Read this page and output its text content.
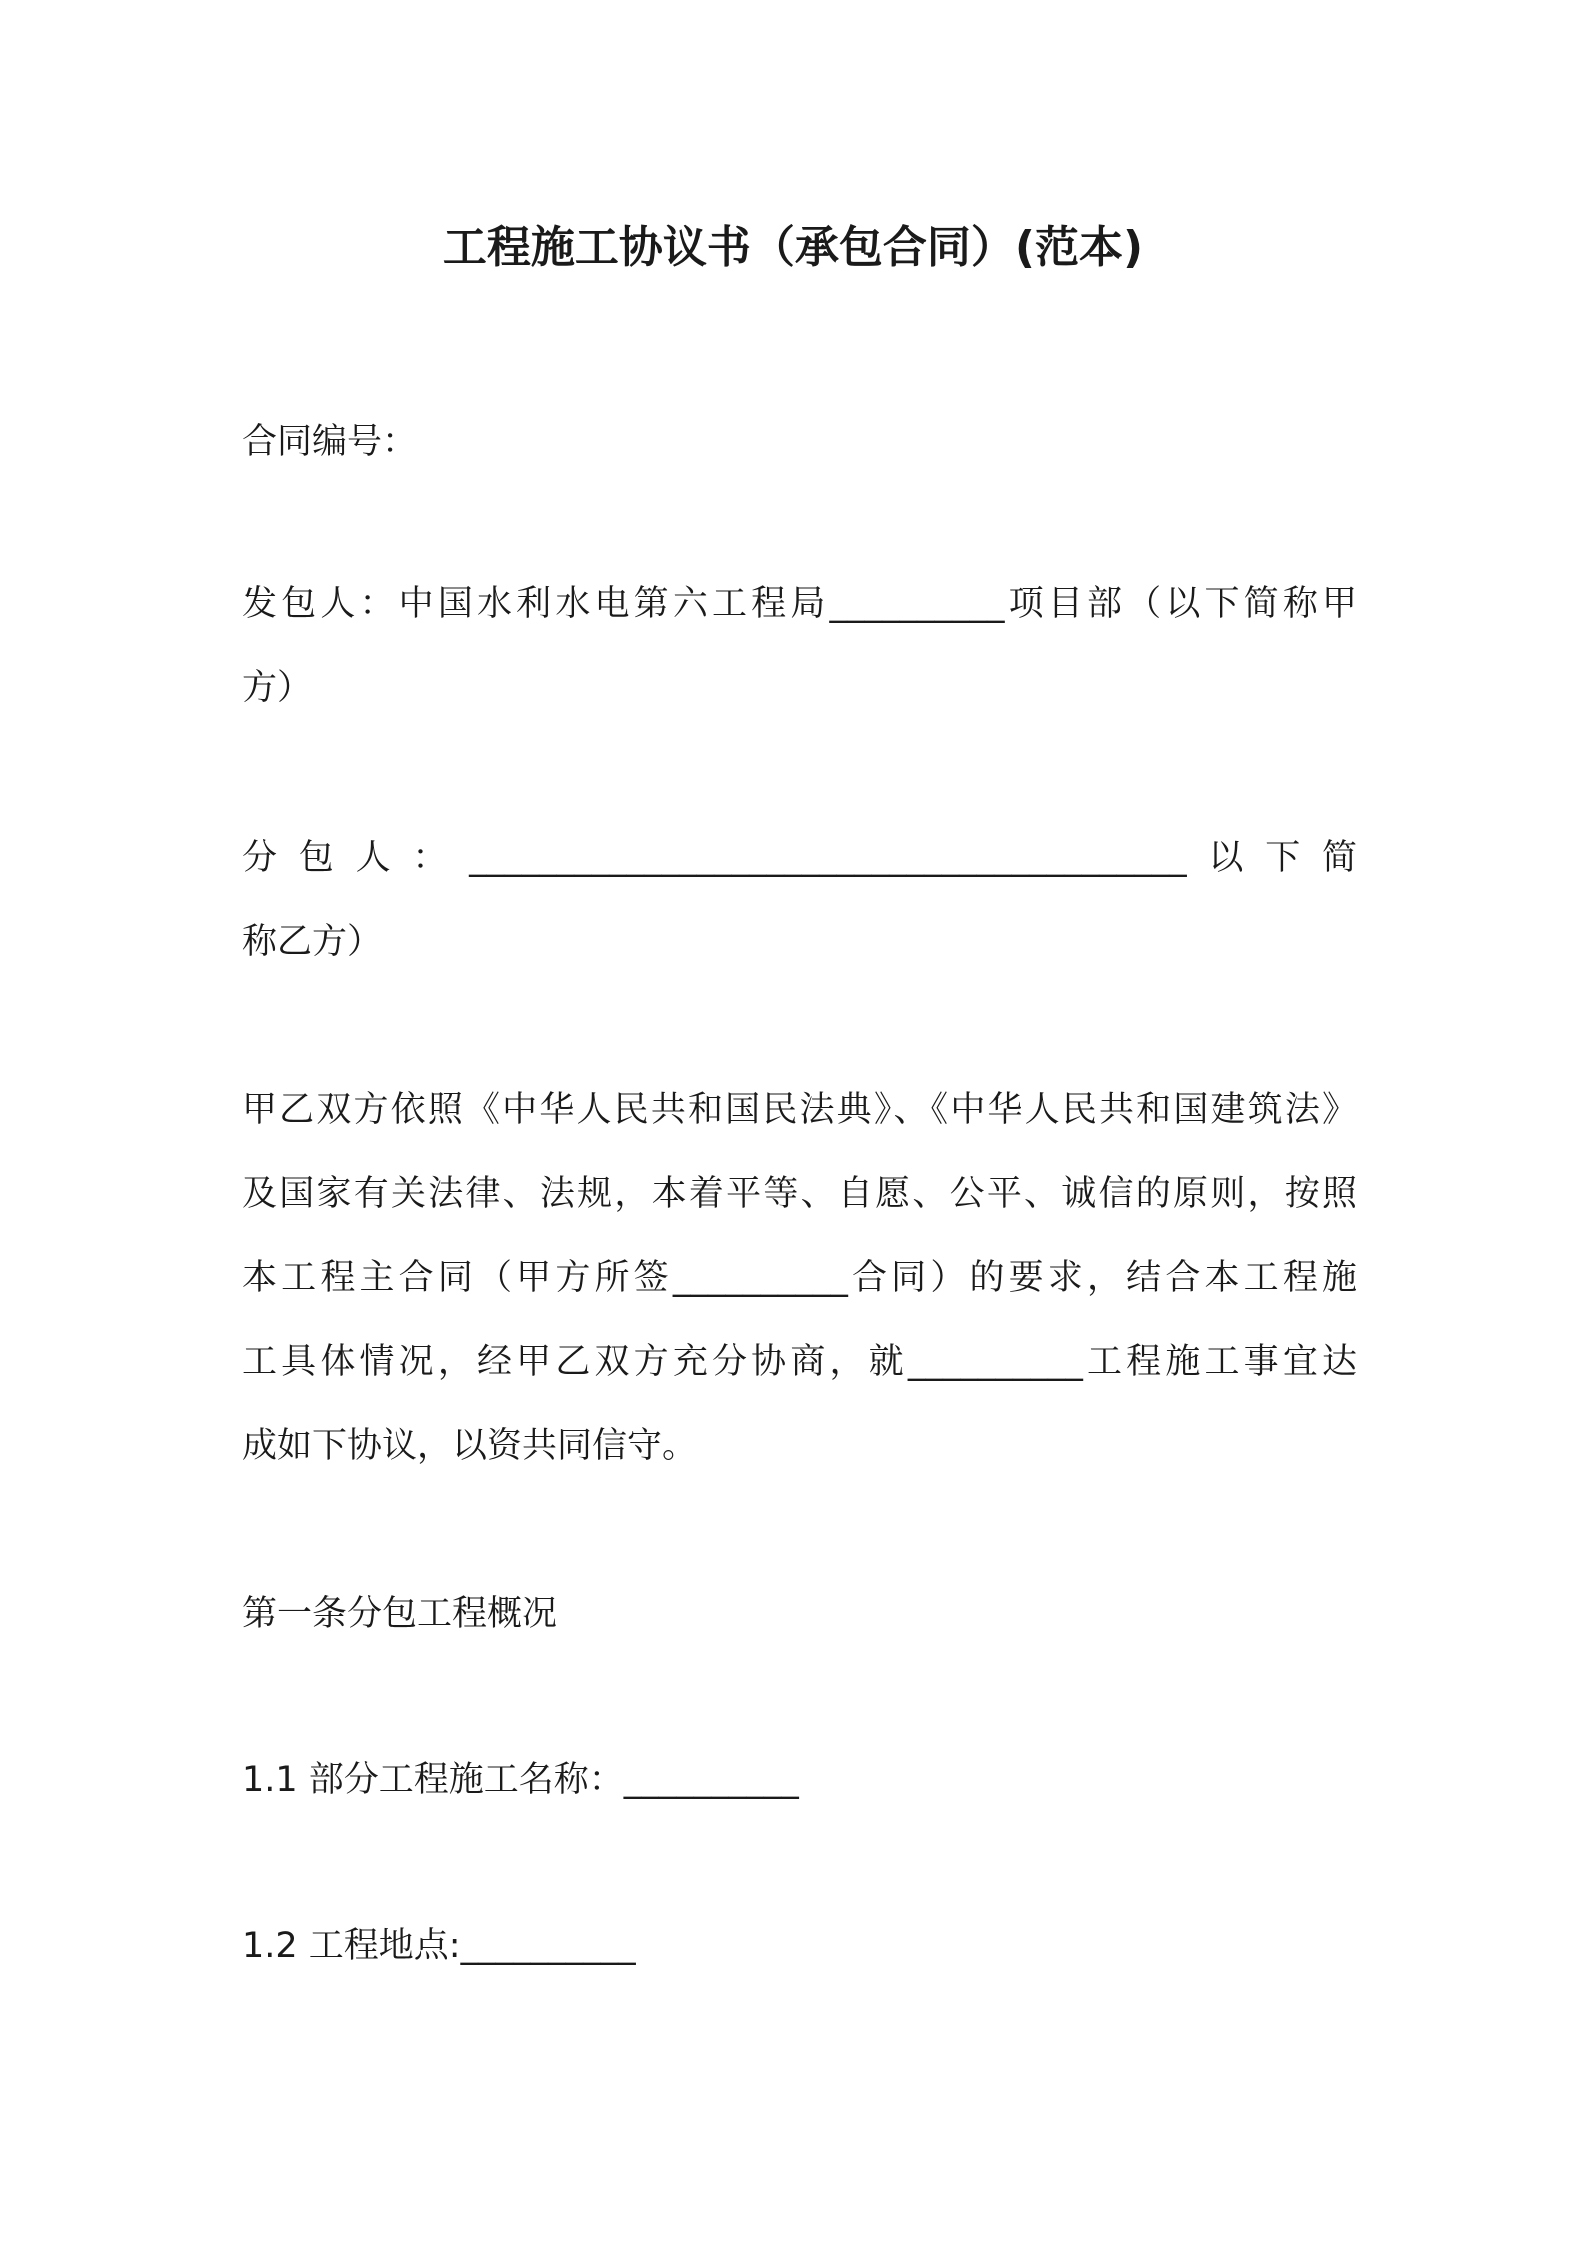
工程施工协议书（承包合同）(范本)
合同编号：
发包人：中国水利水电第六工程局__________项目部（以下简称甲
方）
分包人：_________________________________________以下简
称乙方）
甲乙双方依照《中华人民共和国民法典》、《中华人民共和国建筑法》
及国家有关法律、法规，本着平等、自愿、公平、诚信的原则，按照
本工程主合同（甲方所签__________合同）的要求，结合本工程施
工具体情况，经甲乙双方充分协商，就__________工程施工事宜达
成如下协议，以资共同信守。
第一条分包工程概况
1.1 部分工程施工名称：__________
1.2 工程地点:__________
